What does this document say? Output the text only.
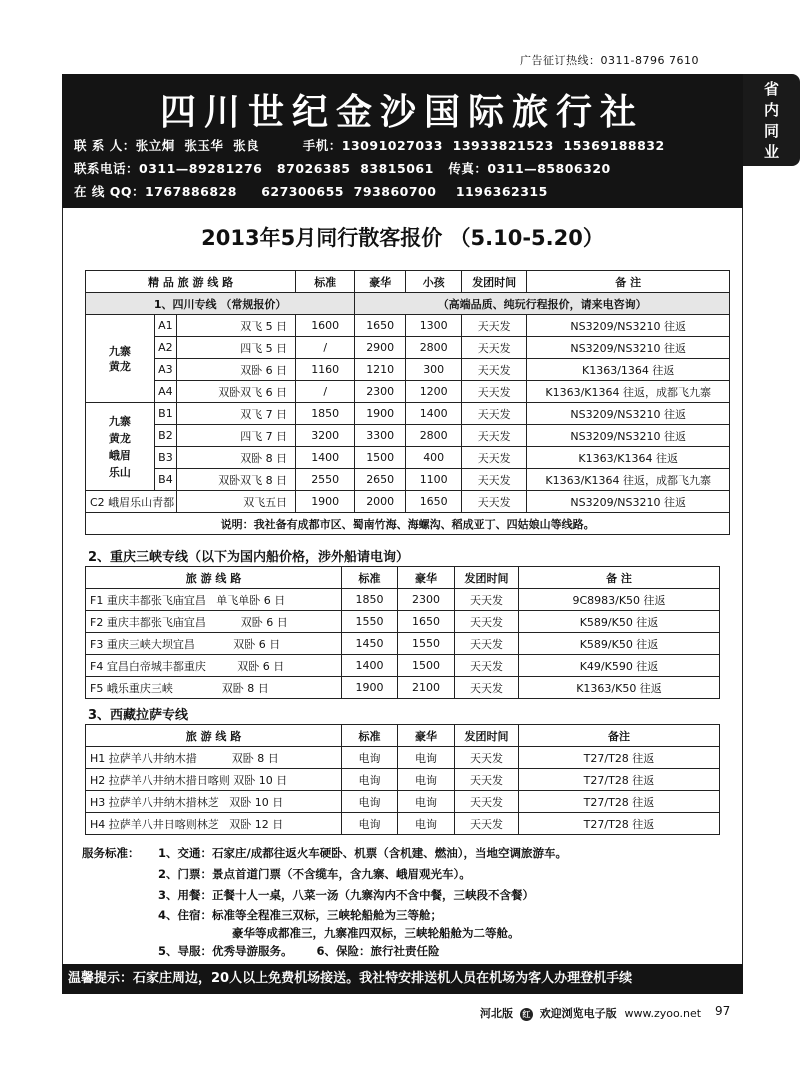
广告征订热线：0311-8796 7610
四川世纪金沙国际旅行社
联 系 人：张立炯  张玉华  张良         手机：13091027033  13933821523  15369188832
联系电话：0311—89281276   87026385  83815061   传真：0311—85806320
在 线 QQ：1767886828     627300655  793860700    1196362315
省
内
同
业
2013年5月同行散客报价 （5.10-5.20）
精 品 旅 游 线 路			标准	豪华	小孩	发团时间	备 注
1、四川专线 （常规报价）				（高端品质、纯玩行程报价，请来电咨询）			

九寨黄龙	A1	双飞 5 日	1600	1650	1300	天天发	NS3209/NS3210 往返
	A2	四飞 5 日	/	2900	2800	天天发	NS3209/NS3210 往返
	A3	双卧 6 日	1160	1210	300	天天发	K1363/1364 往返
	A4	双卧双飞 6 日	/	2300	1200	天天发	K1363/K1364 往返，成都飞九寨

九寨黄龙峨眉乐山	B1	双飞 7 日	1850	1900	1400	天天发	NS3209/NS3210 往返
	B2	四飞 7 日	3200	3300	2800	天天发	NS3209/NS3210 往返
	B3	双卧 8 日	1400	1500	400	天天发	K1363/K1364 往返
	B4	双卧双飞 8 日	2550	2650	1100	天天发	K1363/K1364 往返，成都飞九寨
C2 峨眉乐山青都		双飞五日	1900	2000	1650	天天发	NS3209/NS3210 往返
说明：我社备有成都市区、蜀南竹海、海螺沟、稻成亚丁、四姑娘山等线路。							
2、重庆三峡专线（以下为国内船价格，涉外船请电询）
旅 游 线 路	标准	豪华	发团时间	备 注
F1 重庆丰都张飞庙宜昌   单飞单卧 6 日	1850	2300	天天发	9C8983/K50 往返
F2 重庆丰都张飞庙宜昌          双卧 6 日	1550	1650	天天发	K589/K50 往返
F3 重庆三峡大坝宜昌           双卧 6 日	1450	1550	天天发	K589/K50 往返
F4 宜昌白帝城丰都重庆         双卧 6 日	1400	1500	天天发	K49/K590 往返
F5 峨乐重庆三峡              双卧 8 日	1900	2100	天天发	K1363/K50 往返
3、西藏拉萨专线
旅 游 线 路	标准	豪华	发团时间	备注
H1 拉萨羊八井纳木措          双卧 8 日	电询	电询	天天发	T27/T28 往返
H2 拉萨羊八井纳木措日喀则 双卧 10 日	电询	电询	天天发	T27/T28 往返
H3 拉萨羊八井纳木措林芝   双卧 10 日	电询	电询	天天发	T27/T28 往返
H4 拉萨羊八井日喀则林芝   双卧 12 日	电询	电询	天天发	T27/T28 往返
服务标准： 1、交通：石家庄/成都往返火车硬卧、机票（含机建、燃油），当地空调旅游车。
2、门票：景点首道门票（不含缆车，含九寨、峨眉观光车）。
3、用餐：正餐十人一桌，八菜一汤（九寨沟内不含中餐，三峡段不含餐）
4、住宿：标准等全程准三双标，三峡轮船舱为三等舱；
豪华等成都准三，九寨准四双标，三峡轮船舱为二等舱。
5、导服：优秀导游服务。      6、保险：旅行社责任险
温馨提示：石家庄周边，20人以上免费机场接送。我社特安排送机人员在机场为客人办理登机手续
河北版 红 欢迎浏览电子版 www.zyoo.net 97
